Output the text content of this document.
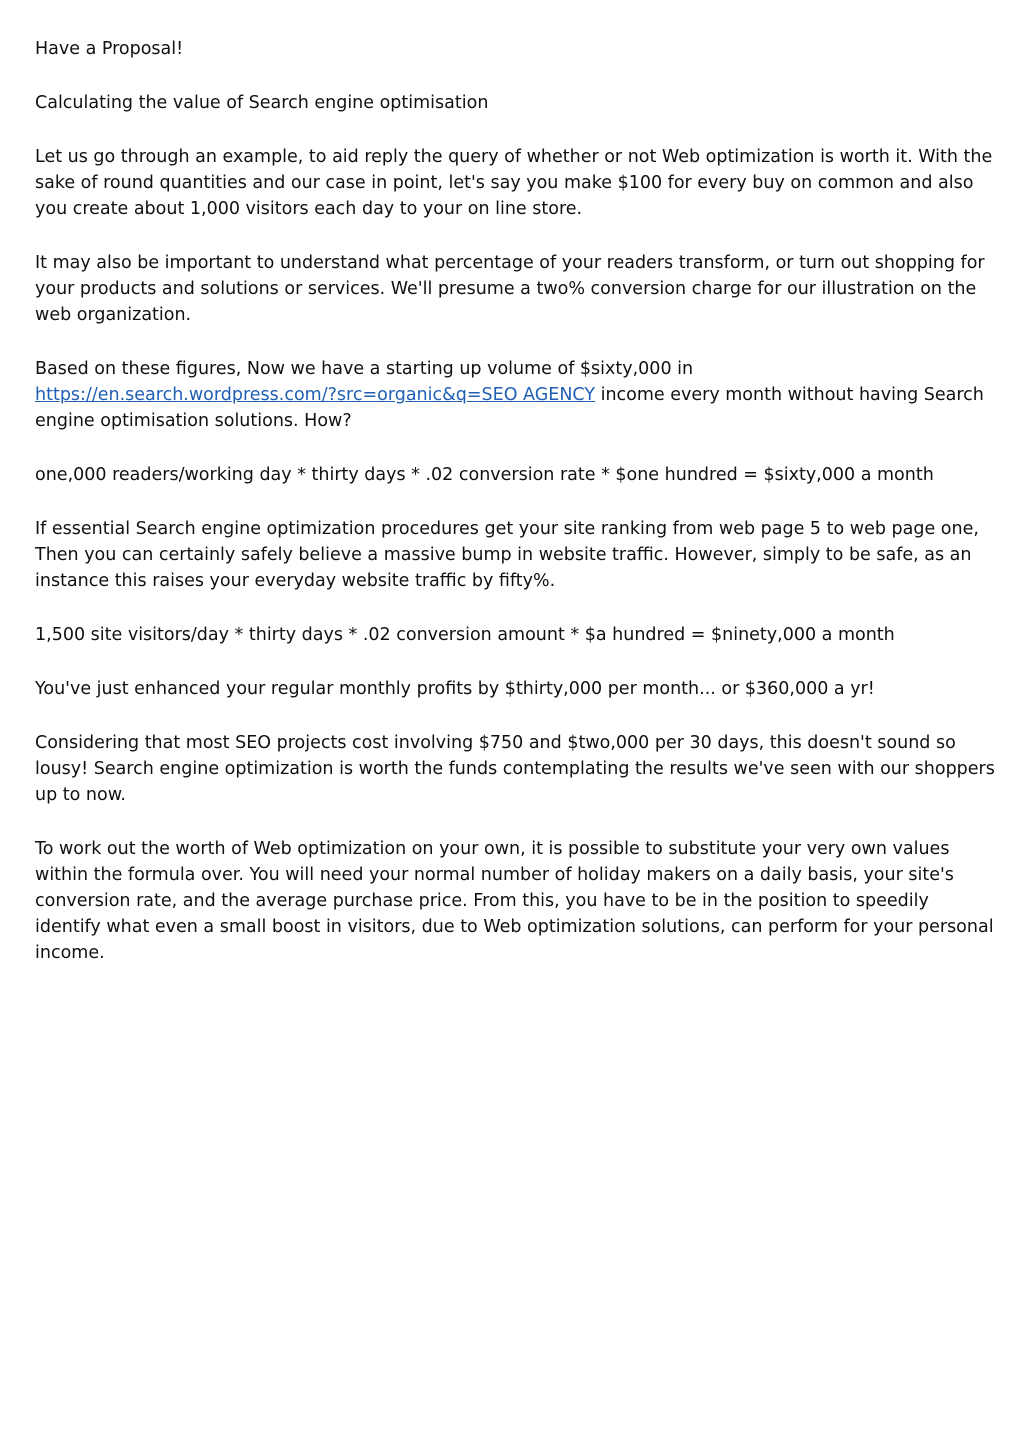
Have a Proposal!

Calculating the value of Search engine optimisation

Let us go through an example, to aid reply the query of whether or not Web optimization is worth it. With the sake of round quantities and our case in point, let's say you make $100 for every buy on common and also you create about 1,000 visitors each day to your on line store.

It may also be important to understand what percentage of your readers transform, or turn out shopping for your products and solutions or services. We'll presume a two% conversion charge for our illustration on the web organization.

Based on these figures, Now we have a starting up volume of $sixty,000 in https://en.search.wordpress.com/?src=organic&q=SEO AGENCY income every month without having Search engine optimisation solutions. How?

one,000 readers/working day * thirty days * .02 conversion rate * $one hundred = $sixty,000 a month

If essential Search engine optimization procedures get your site ranking from web page 5 to web page one, Then you can certainly safely believe a massive bump in website traffic. However, simply to be safe, as an instance this raises your everyday website traffic by fifty%.

1,500 site visitors/day * thirty days * .02 conversion amount * $a hundred = $ninety,000 a month

You've just enhanced your regular monthly profits by $thirty,000 per month... or $360,000 a yr!

Considering that most SEO projects cost involving $750 and $two,000 per 30 days, this doesn't sound so lousy! Search engine optimization is worth the funds contemplating the results we've seen with our shoppers up to now.

To work out the worth of Web optimization on your own, it is possible to substitute your very own values within the formula over. You will need your normal number of holiday makers on a daily basis, your site's conversion rate, and the average purchase price. From this, you have to be in the position to speedily identify what even a small boost in visitors, due to Web optimization solutions, can perform for your personal income.
